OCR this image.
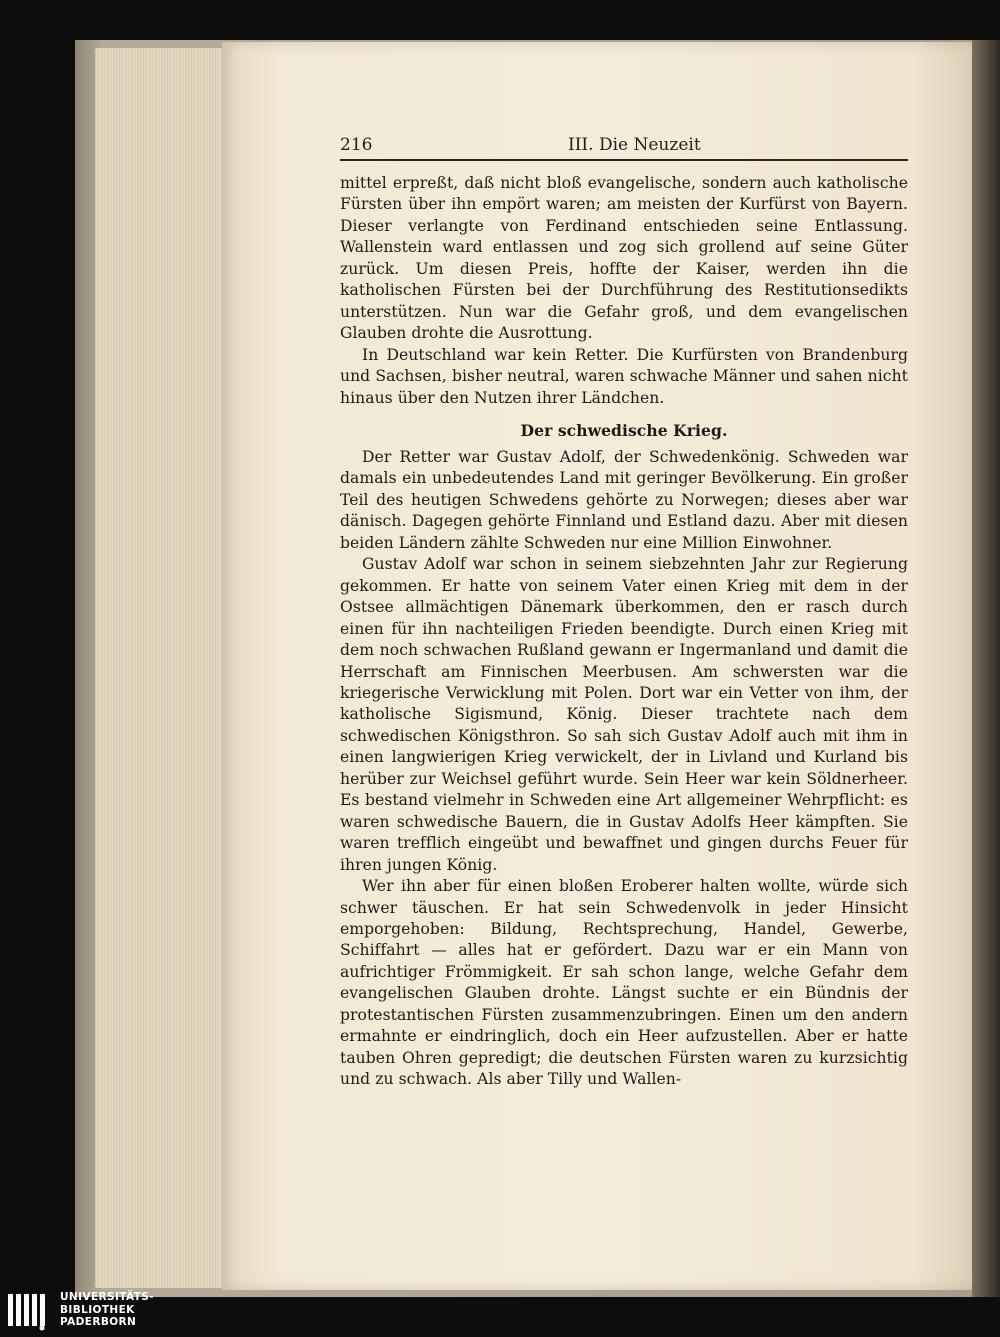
216	III. Die Neuzeit

mittel erpreßt, daß nicht bloß evangelische, sondern auch katholische Fürsten über ihn empört waren; am meisten der Kurfürst von Bayern. Dieser verlangte von Ferdinand entschieden seine Entlassung. Wallenstein ward entlassen und zog sich grollend auf seine Güter zurück. Um diesen Preis, hoffte der Kaiser, werden ihn die katholischen Fürsten bei der Durchführung des Restitutionsedikts unterstützen. Nun war die Gefahr groß, und dem evangelischen Glauben drohte die Ausrottung.

In Deutschland war kein Retter. Die Kurfürsten von Brandenburg und Sachsen, bisher neutral, waren schwache Männer und sahen nicht hinaus über den Nutzen ihrer Ländchen.

Der schwedische Krieg.

Der Retter war Gustav Adolf, der Schwedenkönig. Schweden war damals ein unbedeutendes Land mit geringer Bevölkerung. Ein großer Teil des heutigen Schwedens gehörte zu Norwegen; dieses aber war dänisch. Dagegen gehörte Finnland und Estland dazu. Aber mit diesen beiden Ländern zählte Schweden nur eine Million Einwohner.

Gustav Adolf war schon in seinem siebzehnten Jahr zur Regierung gekommen. Er hatte von seinem Vater einen Krieg mit dem in der Ostsee allmächtigen Dänemark überkommen, den er rasch durch einen für ihn nachteiligen Frieden beendigte. Durch einen Krieg mit dem noch schwachen Rußland gewann er Ingermanland und damit die Herrschaft am Finnischen Meerbusen. Am schwersten war die kriegerische Verwicklung mit Polen. Dort war ein Vetter von ihm, der katholische Sigismund, König. Dieser trachtete nach dem schwedischen Königsthron. So sah sich Gustav Adolf auch mit ihm in einen langwierigen Krieg verwickelt, der in Livland und Kurland bis herüber zur Weichsel geführt wurde. Sein Heer war kein Söldnerheer. Es bestand vielmehr in Schweden eine Art allgemeiner Wehrpflicht: es waren schwedische Bauern, die in Gustav Adolfs Heer kämpften. Sie waren trefflich eingeübt und bewaffnet und gingen durchs Feuer für ihren jungen König.

Wer ihn aber für einen bloßen Eroberer halten wollte, würde sich schwer täuschen. Er hat sein Schwedenvolk in jeder Hinsicht emporgehoben: Bildung, Rechtsprechung, Handel, Gewerbe, Schiffahrt — alles hat er gefördert. Dazu war er ein Mann von aufrichtiger Frömmigkeit. Er sah schon lange, welche Gefahr dem evangelischen Glauben drohte. Längst suchte er ein Bündnis der protestantischen Fürsten zusammenzubringen. Einen um den andern ermahnte er eindringlich, doch ein Heer aufzustellen. Aber er hatte tauben Ohren gepredigt; die deutschen Fürsten waren zu kurzsichtig und zu schwach. Als aber Tilly und Wallen-

UNIVERSITÄTS-
BIBLIOTHEK
PADERBORN
